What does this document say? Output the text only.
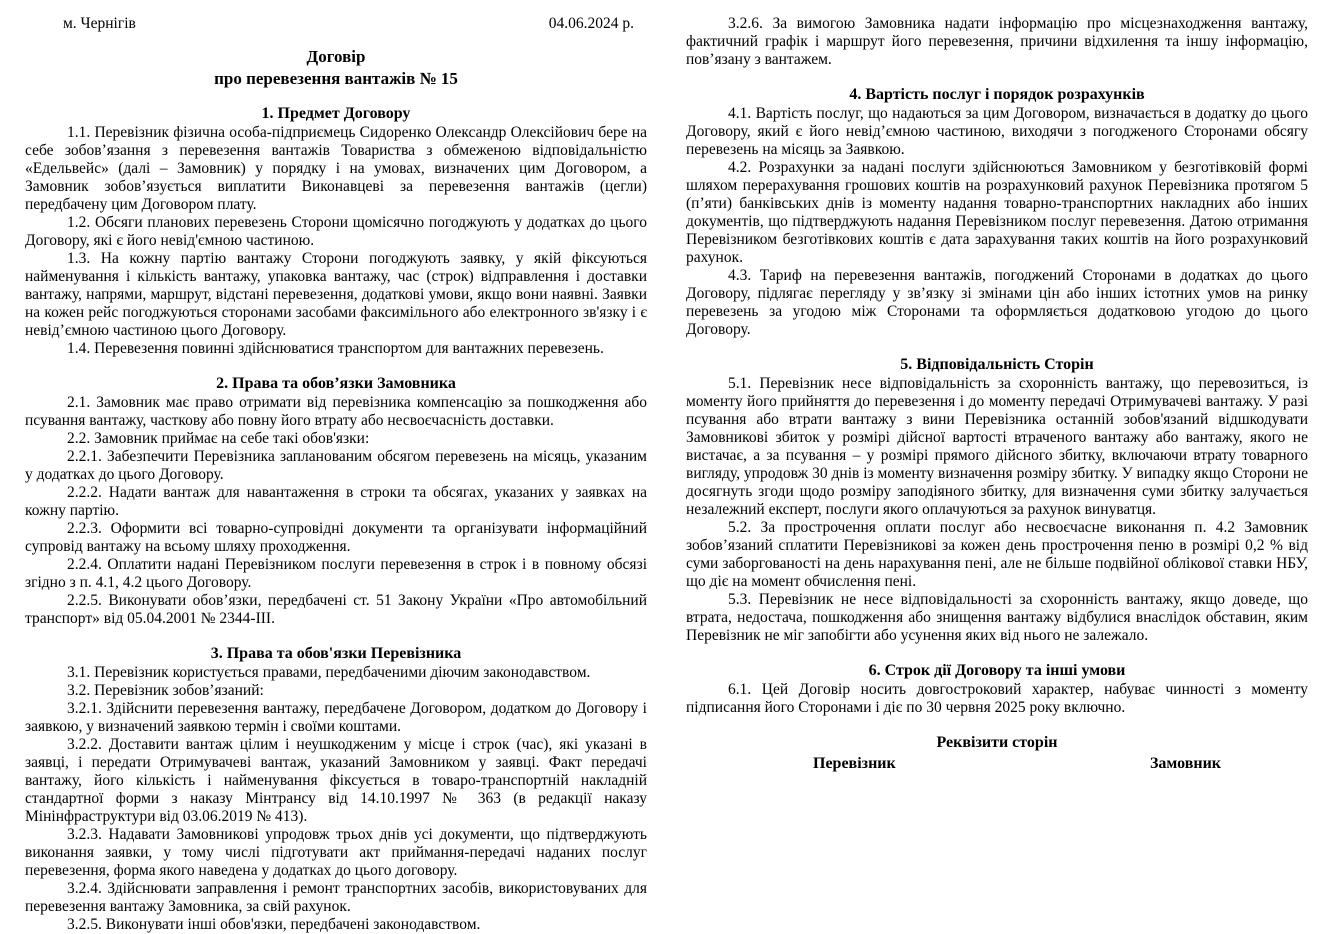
м. Чернігів	04.06.2024 р.
Договір
про перевезення вантажів № 15
1. Предмет Договору

1.1. Перевізник фізична особа-підприємець Сидоренко Олександр Олексійович бере на себе зобов’язання з перевезення вантажів Товариства з обмеженою відповідальністю «Едельвейс» (далі – Замовник) у порядку і на умовах, визначених цим Договором, а Замовник зобов’язується виплатити Виконавцеві за перевезення вантажів (цегли) передбачену цим Договором плату.

1.2. Обсяги планових перевезень Сторони щомісячно погоджують у додатках до цього Договору, які є його невід'ємною частиною.

1.3. На кожну партію вантажу Сторони погоджують заявку, у якій фіксуються найменування і кількість вантажу, упаковка вантажу, час (строк) відправлення і доставки вантажу, напрями, маршрут, відстані перевезення, додаткові умови, якщо вони наявні. Заявки на кожен рейс погоджуються сторонами засобами факсимільного або електронного зв'язку і є невід’ємною частиною цього Договору.

1.4. Перевезення повинні здійснюватися транспортом для вантажних перевезень.

2. Права та обов’язки Замовника

2.1. Замовник має право отримати від перевізника компенсацію за пошкодження або псування вантажу, часткову або повну його втрату або несвоєчасність доставки.

2.2. Замовник приймає на себе такі обов'язки:

2.2.1. Забезпечити Перевізника запланованим обсягом перевезень на місяць, указаним у додатках до цього Договору.

2.2.2. Надати вантаж для навантаження в строки та обсягах, указаних у заявках на кожну партію.

2.2.3. Оформити всі товарно-супровідні документи та організувати інформаційний супровід вантажу на всьому шляху проходження.

2.2.4. Оплатити надані Перевізником послуги перевезення в строк і в повному обсязі згідно з п. 4.1, 4.2 цього Договору.

2.2.5. Виконувати обов’язки, передбачені ст. 51 Закону України «Про автомобільний транспорт» від 05.04.2001 № 2344-III.

3. Права та обов'язки Перевізника

3.1. Перевізник користується правами, передбаченими діючим законодавством.

3.2. Перевізник зобов’язаний:

3.2.1. Здійснити перевезення вантажу, передбачене Договором, додатком до Договору і заявкою, у визначений заявкою термін і своїми коштами.

3.2.2. Доставити вантаж цілим і неушкодженим у місце і строк (час), які указані в заявці, і передати Отримувачеві вантаж, указаний Замовником у заявці. Факт передачі вантажу, його кількість і найменування фіксується в товаро-транспортній накладній стандартної форми з наказу Мінтрансу від 14.10.1997 № 363 (в редакції наказу Мінінфраструктури від 03.06.2019 № 413).

3.2.3. Надавати Замовникові упродовж трьох днів усі документи, що підтверджують виконання заявки, у тому числі підготувати акт приймання-передачі наданих послуг перевезення, форма якого наведена у додатках до цього договору.

3.2.4. Здійснювати заправлення і ремонт транспортних засобів, використовуваних для перевезення вантажу Замовника, за свій рахунок.

3.2.5. Виконувати інші обов'язки, передбачені законодавством.

3.2.6. За вимогою Замовника надати інформацію про місцезнаходження вантажу, фактичний графік і маршрут його перевезення, причини відхилення та іншу інформацію, пов’язану з вантажем.

4. Вартість послуг і порядок розрахунків

4.1. Вартість послуг, що надаються за цим Договором, визначається в додатку до цього Договору, який є його невід’ємною частиною, виходячи з погодженого Сторонами обсягу перевезень на місяць за Заявкою.

4.2. Розрахунки за надані послуги здійснюються Замовником у безготівковій формі шляхом перерахування грошових коштів на розрахунковий рахунок Перевізника протягом 5 (п’яти) банківських днів із моменту надання товарно-транспортних накладних або інших документів, що підтверджують надання Перевізником послуг перевезення. Датою отримання Перевізником безготівкових коштів є дата зарахування таких коштів на його розрахунковий рахунок.

4.3. Тариф на перевезення вантажів, погоджений Сторонами в додатках до цього Договору, підлягає перегляду у зв’язку зі змінами цін або інших істотних умов на ринку перевезень за угодою між Сторонами та оформляється додатковою угодою до цього Договору.

5. Відповідальність Сторін

5.1. Перевізник несе відповідальність за схоронність вантажу, що перевозиться, із моменту його прийняття до перевезення і до моменту передачі Отримувачеві вантажу. У разі псування або втрати вантажу з вини Перевізника останній зобов'язаний відшкодувати Замовникові збиток у розмірі дійсної вартості втраченого вантажу або вантажу, якого не вистачає, а за псування – у розмірі прямого дійсного збитку, включаючи втрату товарного вигляду, упродовж 30 днів із моменту визначення розміру збитку. У випадку якщо Сторони не досягнуть згоди щодо розміру заподіяного збитку, для визначення суми збитку залучається незалежний експерт, послуги якого оплачуються за рахунок винуватця.

5.2. За прострочення оплати послуг або несвоєчасне виконання п. 4.2 Замовник зобов’язаний сплатити Перевізникові за кожен день прострочення пеню в розмірі 0,2 % від суми заборгованості на день нарахування пені, але не більше подвійної облікової ставки НБУ, що діє на момент обчислення пені.

5.3. Перевізник не несе відповідальності за схоронність вантажу, якщо доведе, що втрата, недостача, пошкодження або знищення вантажу відбулися внаслідок обставин, яким Перевізник не міг запобігти або усунення яких від нього не залежало.

6. Строк дії Договору та інші умови

6.1. Цей Договір носить довгостроковий характер, набуває чинності з моменту підписання його Сторонами і діє по 30 червня 2025 року включно.

Реквізити сторін
Перевізник	Замовник
